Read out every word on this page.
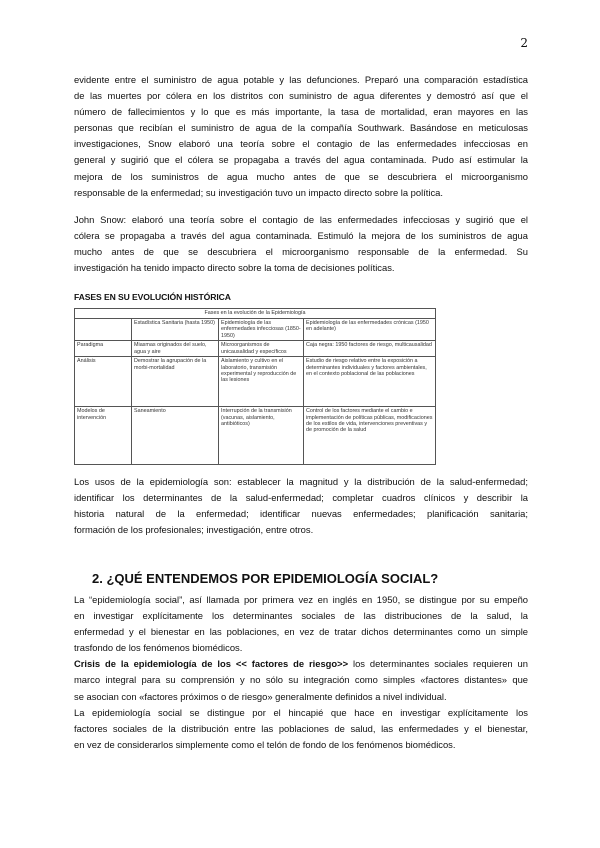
2
evidente entre el suministro de agua potable y las defunciones. Preparó una comparación estadística
de las muertes por cólera en los distritos con suministro de agua diferentes y demostró así que el
número de fallecimientos y lo que es más importante, la tasa de mortalidad, eran mayores en las
personas que recibían el suministro de agua de la compañía Southwark. Basándose en meticulosas
investigaciones, Snow elaboró una teoría sobre el contagio de las enfermedades infecciosas en
general y sugirió que el cólera se propagaba a través del agua contaminada. Pudo así estimular la
mejora de los suministros de agua mucho antes de que se descubriera el microorganismo
responsable de la enfermedad; su investigación tuvo un impacto directo sobre la política.
John Snow: elaboró una teoría sobre el contagio de las enfermedades infecciosas y sugirió que el
cólera se propagaba a través del agua contaminada. Estimuló la mejora de los suministros de agua
mucho antes de que se descubriera el microorganismo responsable de la enfermedad. Su
investigación ha tenido impacto directo sobre la toma de decisiones políticas.
FASES EN SU EVOLUCIÓN HISTÓRICA
Fases en la evolución de la Epidemiología			
	Estadística Sanitaria (hasta 1950)	Epidemiología de las enfermedades infecciosas (1850-1950)	Epidemiología de las enfermedades crónicas (1950 en adelante)
Paradigma	Miasmas originados del suelo, agua y aire	Microorganismos de unicausalidad y específicos	Caja negra: 1950 factores de riesgo, multicausalidad
Análisis	Demostrar la agrupación de la morbi-mortalidad	Aislamiento y cultivo en el laboratorio, transmisión experimental y reproducción de las lesiones	Estudio de riesgo relativo entre la exposición a determinantes individuales y factores ambientales, en el contexto poblacional de las poblaciones
Modelos de intervención	Saneamiento	Interrupción de la transmisión (vacunas, aislamiento, antibióticos)	Control de los factores mediante el cambio e implementación de políticas públicas, modificaciones de los estilos de vida, intervenciones preventivas y de promoción de la salud
Los usos de la epidemiología son: establecer la magnitud y la distribución de la salud-enfermedad;
identificar los determinantes de la salud-enfermedad; completar cuadros clínicos y describir la
historia natural de la enfermedad; identificar nuevas enfermedades; planificación sanitaria;
formación de los profesionales; investigación, entre otros.
2. ¿QUÉ ENTENDEMOS POR EPIDEMIOLOGÍA SOCIAL?
La “epidemiología social”, así llamada por primera vez en inglés en 1950, se distingue por su empeño
en investigar explícitamente los determinantes sociales de las distribuciones de la salud, la
enfermedad y el bienestar en las poblaciones, en vez de tratar dichos determinantes como un simple
trasfondo de los fenómenos biomédicos.
Crisis de la epidemiología de los << factores de riesgo>> los determinantes sociales requieren un
marco integral para su comprensión y no sólo su integración como simples «factores distantes» que
se asocian con «factores próximos o de riesgo» generalmente definidos a nivel individual.
La epidemiología social se distingue por el hincapié que hace en investigar explícitamente los
factores sociales de la distribución entre las poblaciones de salud, las enfermedades y el bienestar,
en vez de considerarlos simplemente como el telón de fondo de los fenómenos biomédicos.
